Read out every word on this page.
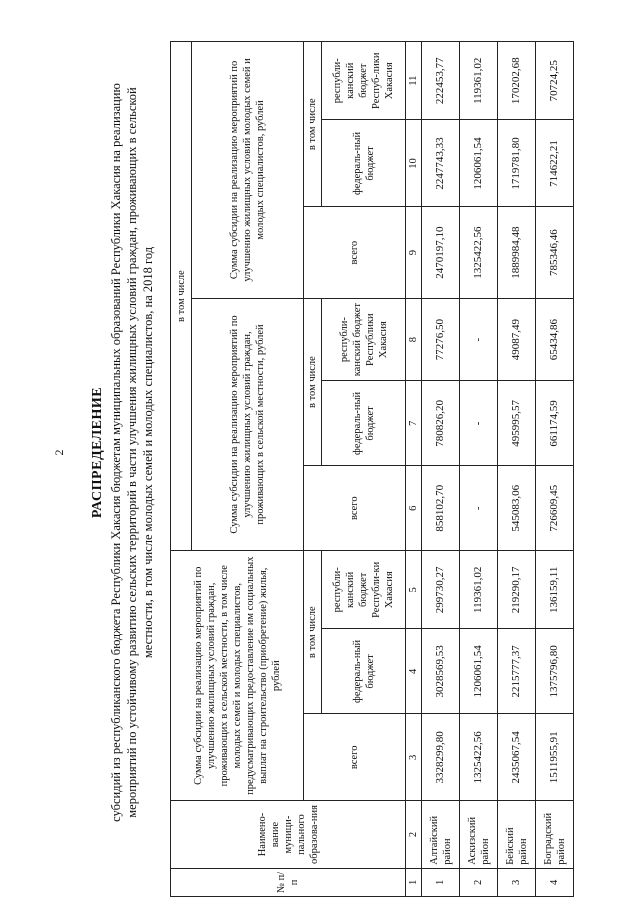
2 РАСПРЕДЕЛЕНИЕ субсидий из республиканского бюджета Республики Хакасия бюджетам муниципальных образований Республики Хакасия на реализацию мероприятий по устойчивому развитию сельских территорий в части улучшения жилищных условий граждан, проживающих в сельской местности, в том числе молодых семей и молодых специалистов, на 2018 год
№ п/п	Наимено-вание муници-пального образова-ния	Сумма субсидии на реализацию мероприятий по улучшению жилищных условий граждан, проживающих в сельской местности, в том числе молодых семей и молодых специалистов, предусматривающих предоставление им социальных выплат на строительство (приобретение) жилья, рублей			в том числе					
					Сумма субсидии на реализацию мероприятий по улучшению жилищных условий граждан, проживающих в сельской местности, рублей			Сумма субсидии на реализацию мероприятий по улучшению жилищных условий молодых семей и молодых специалистов, рублей		
		всего	в том числе		всего	в том числе		всего	в том числе	
			федераль-ный бюджет	республи-канский бюджет Республи-ки Хакасия		федераль-ный бюджет	республи-канский бюджет Республики Хакасия		федераль-ный бюджет	республи-канский бюджет Респуб-лики Хакасия
1	2	3	4	5	6	7	8	9	10	11
1	Алтайский район	3328299,80	3028569,53	299730,27	858102,70	780826,20	77276,50	2470197,10	2247743,33	222453,77
2	Аскизский район	1325422,56	1206061,54	119361,02	-	-	-	1325422,56	1206061,54	119361,02
3	Бейский район	2435067,54	2215777,37	219290,17	545083,06	495995,57	49087,49	1889984,48	1719781,80	170202,68
4	Боградский район	1511955,91	1375796,80	136159,11	726609,45	661174,59	65434,86	785346,46	714622,21	70724,25
